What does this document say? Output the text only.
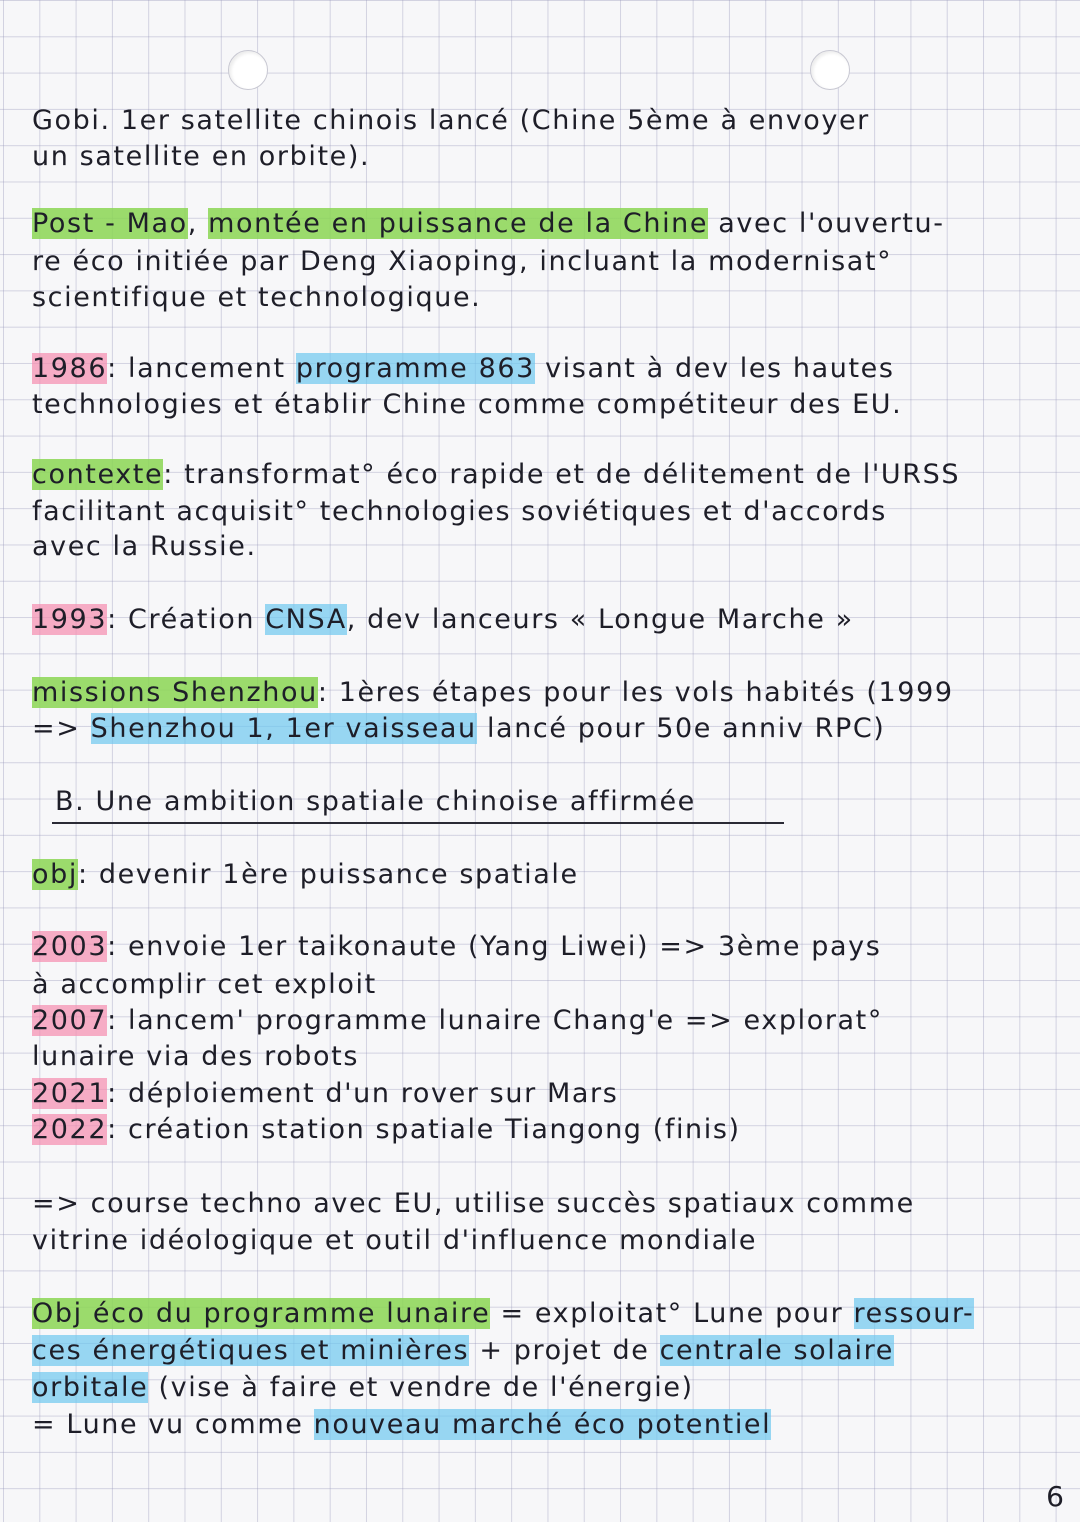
Gobi. 1er satellite chinois lancé (Chine 5ème à envoyer
un satellite en orbite).
Post - Mao, montée en puissance de la Chine avec l'ouvertu-
re éco initiée par Deng Xiaoping, incluant la modernisat°
scientifique et technologique.
1986: lancement programme 863 visant à dev les hautes
technologies et établir Chine comme compétiteur des EU.
contexte: transformat° éco rapide et de délitement de l'URSS
facilitant acquisit° technologies soviétiques et d'accords
avec la Russie.
1993: Création CNSA, dev lanceurs « Longue Marche »
missions Shenzhou: 1ères étapes pour les vols habités (1999
=> Shenzhou 1, 1er vaisseau lancé pour 50e anniv RPC)
B. Une ambition spatiale chinoise affirmée
obj: devenir 1ère puissance spatiale
2003: envoie 1er taikonaute (Yang Liwei) => 3ème pays
à accomplir cet exploit
2007: lancem' programme lunaire Chang'e => explorat°
lunaire via des robots
2021: déploiement d'un rover sur Mars
2022: création station spatiale Tiangong (finis)
=> course techno avec EU, utilise succès spatiaux comme
vitrine idéologique et outil d'influence mondiale
Obj éco du programme lunaire = exploitat° Lune pour ressour-
ces énergétiques et minières + projet de centrale solaire
orbitale (vise à faire et vendre de l'énergie)
= Lune vu comme nouveau marché éco potentiel
6
